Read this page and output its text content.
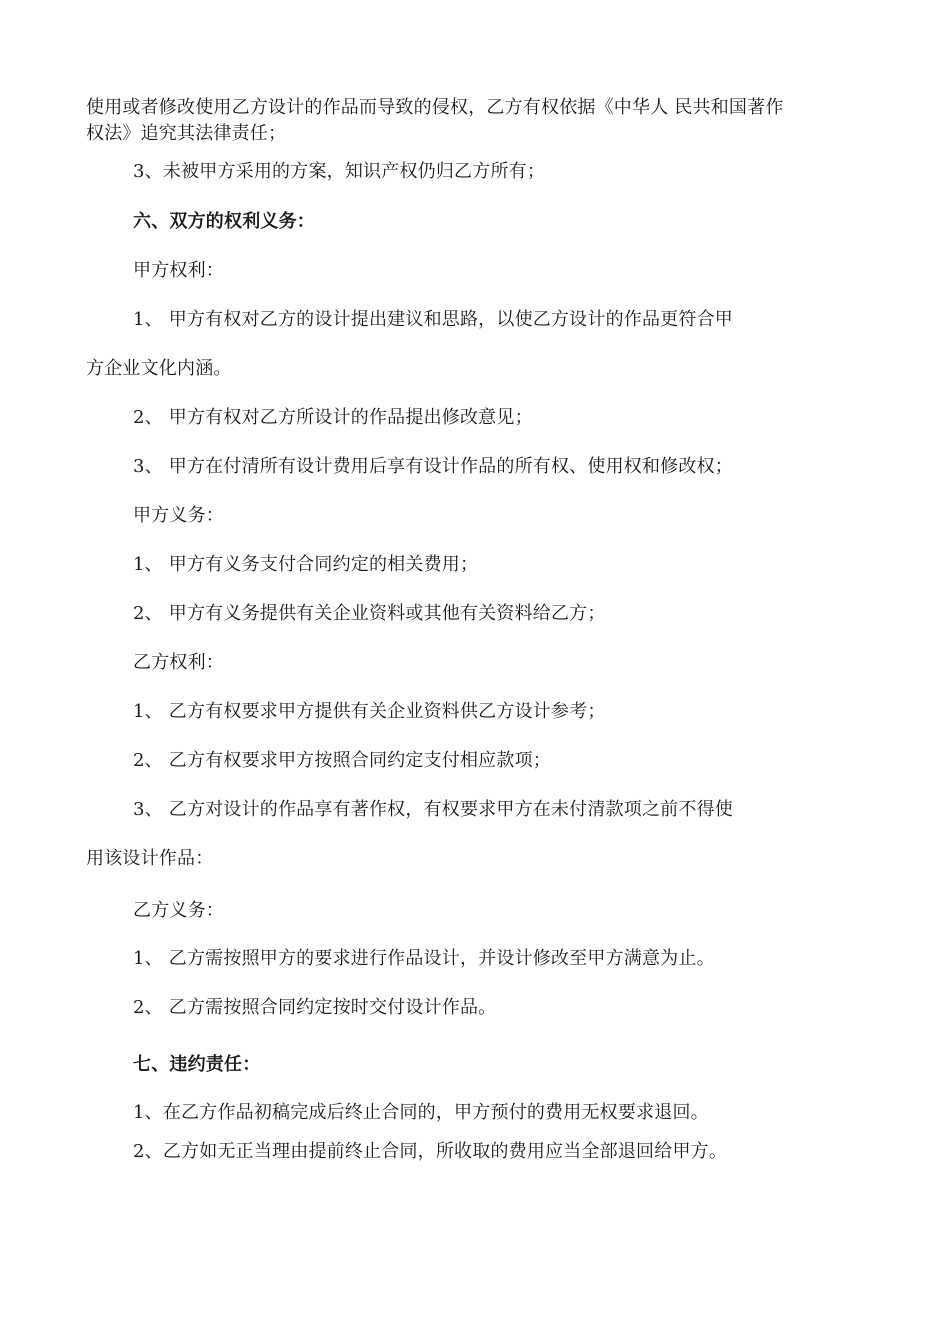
使用或者修改使用乙方设计的作品而导致的侵权，乙方有权依据《中华人 民共和国著作
权法》追究其法律责任；
3、未被甲方采用的方案，知识产权仍归乙方所有；
六、双方的权利义务：
甲方权利：
1、 甲方有权对乙方的设计提出建议和思路，以使乙方设计的作品更符合甲
方企业文化内涵。
2、 甲方有权对乙方所设计的作品提出修改意见；
3、 甲方在付清所有设计费用后享有设计作品的所有权、使用权和修改权；
甲方义务：
1、 甲方有义务支付合同约定的相关费用；
2、 甲方有义务提供有关企业资料或其他有关资料给乙方；
乙方权利：
1、 乙方有权要求甲方提供有关企业资料供乙方设计参考；
2、 乙方有权要求甲方按照合同约定支付相应款项；
3、 乙方对设计的作品享有著作权，有权要求甲方在未付清款项之前不得使
用该设计作品：
乙方义务：
1、 乙方需按照甲方的要求进行作品设计，并设计修改至甲方满意为止。
2、 乙方需按照合同约定按时交付设计作品。
七、违约责任：
1、在乙方作品初稿完成后终止合同的，甲方预付的费用无权要求退回。
2、乙方如无正当理由提前终止合同，所收取的费用应当全部退回给甲方。
